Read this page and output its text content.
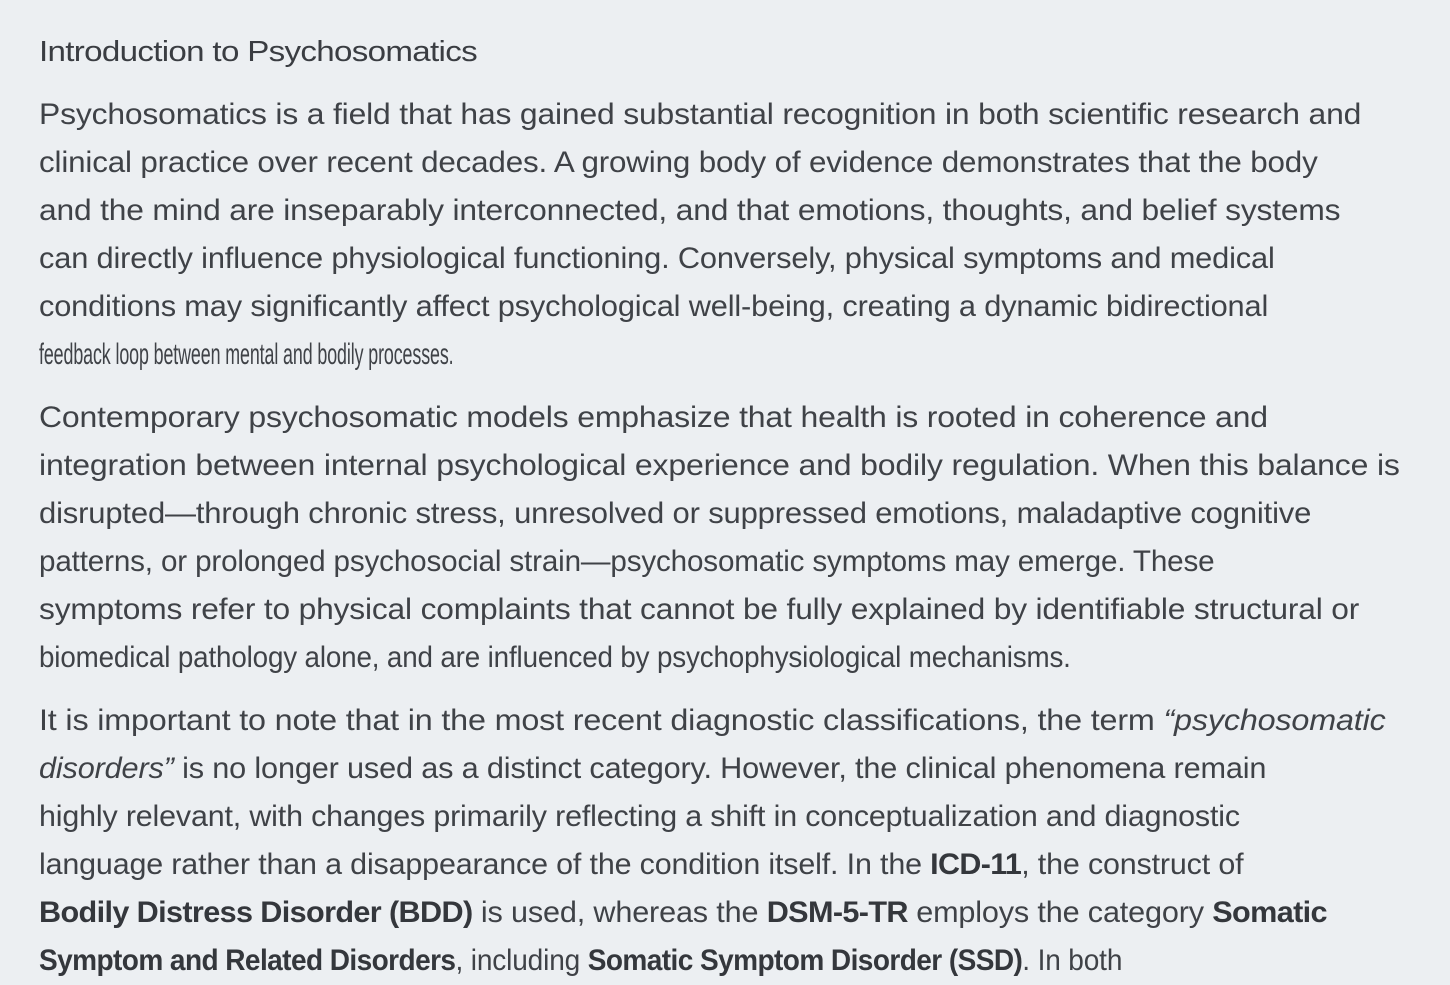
Introduction to Psychosomatics
Psychosomatics is a field that has gained substantial recognition in both scientific research and
clinical practice over recent decades. A growing body of evidence demonstrates that the body
and the mind are inseparably interconnected, and that emotions, thoughts, and belief systems
can directly influence physiological functioning. Conversely, physical symptoms and medical
conditions may significantly affect psychological well-being, creating a dynamic bidirectional
feedback loop between mental and bodily processes.
Contemporary psychosomatic models emphasize that health is rooted in coherence and
integration between internal psychological experience and bodily regulation. When this balance is
disrupted—through chronic stress, unresolved or suppressed emotions, maladaptive cognitive
patterns, or prolonged psychosocial strain—psychosomatic symptoms may emerge. These
symptoms refer to physical complaints that cannot be fully explained by identifiable structural or
biomedical pathology alone, and are influenced by psychophysiological mechanisms.
It is important to note that in the most recent diagnostic classifications, the term “psychosomatic
disorders” is no longer used as a distinct category. However, the clinical phenomena remain
highly relevant, with changes primarily reflecting a shift in conceptualization and diagnostic
language rather than a disappearance of the condition itself. In the ICD-11, the construct of
Bodily Distress Disorder (BDD) is used, whereas the DSM-5-TR employs the category Somatic
Symptom and Related Disorders, including Somatic Symptom Disorder (SSD). In both
